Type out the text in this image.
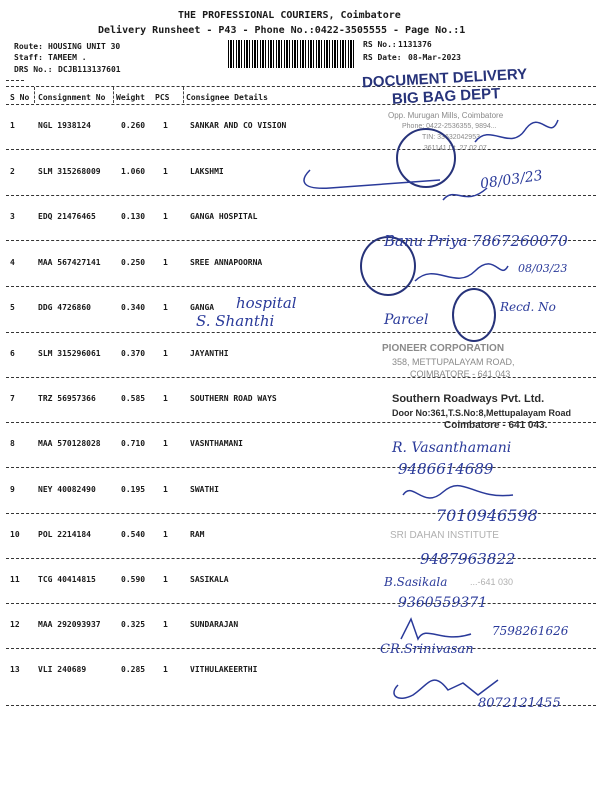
THE PROFESSIONAL COURIERS, Coimbatore
Delivery Runsheet - P43 - Phone No.:0422-3505555 - Page No.:1
Route: HOUSING UNIT 30
Staff: TAMEEM .
DRS No.: DCJB113137601
RS No.: 1131376
RS Date: 08-Mar-2023
S No Consignment No Weight PCS Consignee Details
1	NGL 1938124	0.260 1	SANKAR AND CO VISION
2	SLM 315268009	1.060 1	LAKSHMI
3	EDQ 21476465	0.130 1	GANGA HOSPITAL
4	MAA 567427141	0.250 1	SREE ANNAPOORNA
5	DDG 4726860	0.340 1	GANGA
6	SLM 315296061	0.370 1	JAYANTHI
7	TRZ 56957366	0.585 1	SOUTHERN ROAD WAYS
8	MAA 570128028	0.710 1	VASNTHAMANI
9	NEY 40082490	0.195 1	SWATHI
10 POL 2214184	0.540 1	RAM
11 TCG 40414815	0.590 1	SASIKALA
12 MAA 292093937	0.325 1	SUNDARAJAN
13 VLI 240689	0.285 1	VITHULAKEERTHI
DOCUMENT DELIVERY
BIG BAG DEPT
Opp. Murugan Mills, Coimbatore
Phone: 0422-2536355, 9894...
TIN: 33632042953
...361141 Dt. 27.02.07
PIONEER CORPORATION
358, METTUPALAYAM ROAD,
COIMBATORE - 641 043
Southern Roadways Pvt. Ltd.
Door No:361,T.S.No:8,Mettupalayam Road
Coimbatore - 641 043.
SRI DAHAN INSTITUTE
...-641 030
08/03/23
Banu Priya 7867260070
08/03/23
hospital
S. Shanthi	Parcel
Recd. No
R. Vasanthamani
9486614689
7010946598
9487963822
B.Sasikala
9360559371
7598261626
CR.Srinivasan
8072121455
